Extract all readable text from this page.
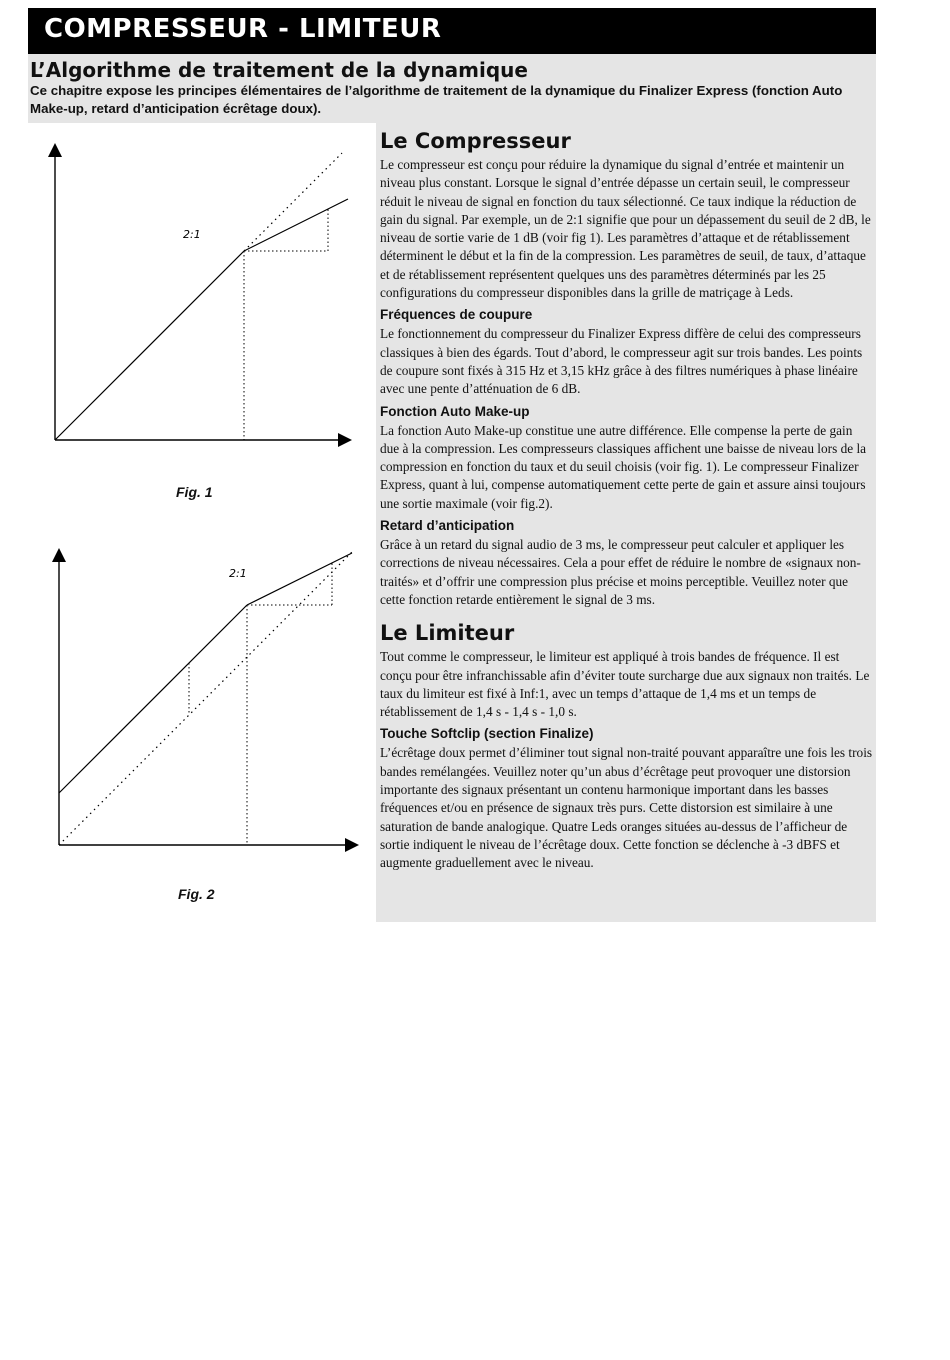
COMPRESSEUR - LIMITEUR
L’Algorithme de traitement de la dynamique

Ce chapitre expose les principes élémentaires de l’algorithme de traitement de la dynamique du Finalizer Express (fonction Auto Make-up, retard d’anticipation écrêtage doux).

2:1
Fig. 1
2:1
Fig. 2
Le Compresseur

Le compresseur est conçu pour réduire la dynamique du signal d’entrée et maintenir un niveau plus constant. Lorsque le signal d’entrée dépasse un certain seuil, le compresseur réduit le niveau de signal en fonction du taux sélectionné. Ce taux indique la réduction de gain du signal. Par exemple, un de 2:1 signifie que pour un dépassement du seuil de 2 dB, le niveau de sortie varie de 1 dB (voir fig 1). Les paramètres d’attaque et de rétablissement déterminent le début et la fin de la compression. Les paramètres de seuil, de taux, d’attaque et de rétablissement représentent quelques uns des paramètres déterminés par les 25 configurations du compresseur disponibles dans la grille de matriçage à Leds.

Fréquences de coupure

Le fonctionnement du compresseur du Finalizer Express diffère de celui des compresseurs classiques à bien des égards. Tout d’abord, le compresseur agit sur trois bandes. Les points de coupure sont fixés à 315 Hz et 3,15 kHz grâce à des filtres numériques à phase linéaire avec une pente d’atténuation de 6 dB.

Fonction Auto Make-up

La fonction Auto Make-up constitue une autre différence. Elle compense la perte de gain due à la compression. Les compresseurs classiques affichent une baisse de niveau lors de la compression en fonction du taux et du seuil choisis (voir fig. 1). Le compresseur Finalizer Express, quant à lui, compense automatiquement cette perte de gain et assure ainsi toujours une sortie maximale (voir fig.2).

Retard d’anticipation

Grâce à un retard du signal audio de 3 ms, le compresseur peut calculer et appliquer les corrections de niveau nécessaires. Cela a pour effet de réduire le nombre de «signaux non-traités» et d’offrir une compression plus précise et moins perceptible. Veuillez noter que cette fonction retarde entièrement le signal de 3 ms.

Le Limiteur

Tout comme le compresseur, le limiteur est appliqué à trois bandes de fréquence. Il est conçu pour être infranchissable afin d’éviter toute surcharge due aux signaux non traités. Le taux du limiteur est fixé à Inf:1, avec un temps d’attaque de 1,4 ms et un temps de rétablissement de 1,4 s - 1,4 s - 1,0 s.

Touche Softclip (section Finalize)

L’écrêtage doux permet d’éliminer tout signal non-traité pouvant apparaître une fois les trois bandes remélangées. Veuillez noter qu’un abus d’écrêtage peut provoquer une distorsion importante des signaux présentant un contenu harmonique important dans les basses fréquences et/ou en présence de signaux très purs. Cette distorsion est similaire à une saturation de bande analogique. Quatre Leds oranges situées au-dessus de l’afficheur de sortie indiquent le niveau de l’écrêtage doux. Cette fonction se déclenche à -3 dBFS et augmente graduellement avec le niveau.
